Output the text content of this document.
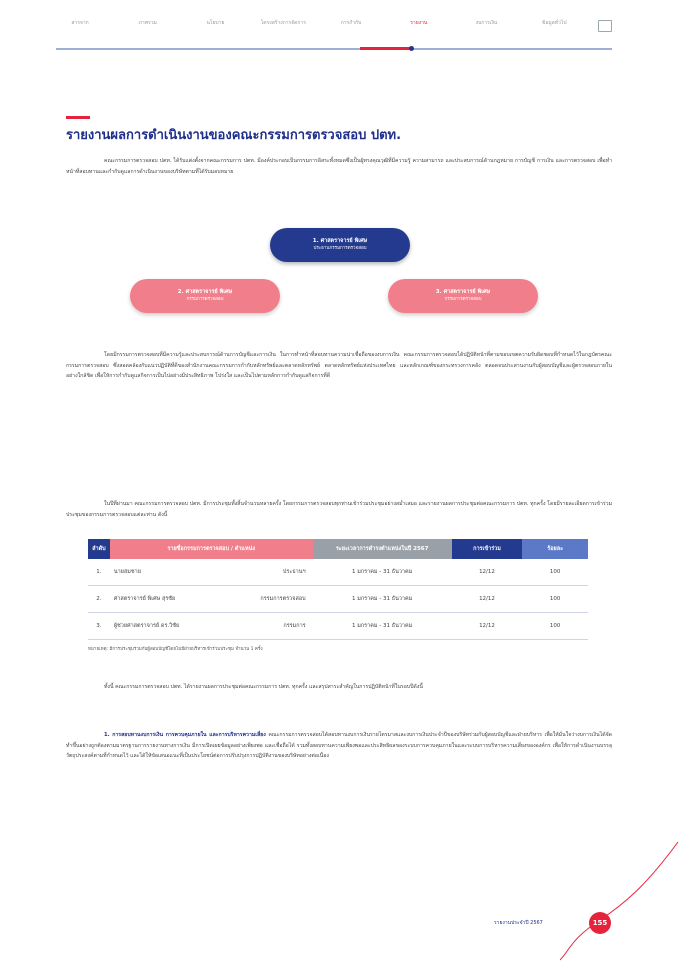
สารจาก	ภาพรวม	นโยบาย	โครงสร้างการจัดการ	การกำกับ	รายงาน	งบการเงิน	ข้อมูลทั่วไป
รายงานผลการดำเนินงานของคณะกรรมการตรวจสอบ ปตท.

คณะกรรมการตรวจสอบ ปตท. ได้รับแต่งตั้งจากคณะกรรมการ ปตท. มีองค์ประกอบเป็นกรรมการอิสระทั้งหมดซึ่งเป็นผู้ทรงคุณวุฒิที่มีความรู้ ความสามารถ และประสบการณ์ด้านกฎหมาย การบัญชี การเงิน และการตรวจสอบ เพื่อทำหน้าที่สอบทานและกำกับดูแลการดำเนินงานของบริษัทตามที่ได้รับมอบหมาย

1. ศาสตราจารย์ พิเศษ
ประธานกรรมการตรวจสอบ
2. ศาสตราจารย์ พิเศษ
กรรมการตรวจสอบ
3. ศาสตราจารย์ พิเศษ
กรรมการตรวจสอบ

โดยมีกรรมการตรวจสอบที่มีความรู้และประสบการณ์ด้านการบัญชีและการเงิน ในการทำหน้าที่สอบทานความน่าเชื่อถือของงบการเงิน คณะกรรมการตรวจสอบได้ปฏิบัติหน้าที่ตามขอบเขตความรับผิดชอบที่กำหนดไว้ในกฎบัตรคณะกรรมการตรวจสอบ ซึ่งสอดคล้องกับแนวปฏิบัติที่ดีของสำนักงานคณะกรรมการกำกับหลักทรัพย์และตลาดหลักทรัพย์ ตลาดหลักทรัพย์แห่งประเทศไทย และหลักเกณฑ์ของกระทรวงการคลัง ตลอดจนประสานงานกับผู้สอบบัญชีและผู้ตรวจสอบภายในอย่างใกล้ชิด เพื่อให้การกำกับดูแลกิจการเป็นไปอย่างมีประสิทธิภาพ โปร่งใส และเป็นไปตามหลักการกำกับดูแลกิจการที่ดี

ในปีที่ผ่านมา คณะกรรมการตรวจสอบ ปตท. มีการประชุมทั้งสิ้นจำนวนหลายครั้ง โดยกรรมการตรวจสอบทุกท่านเข้าร่วมประชุมอย่างสม่ำเสมอ และรายงานผลการประชุมต่อคณะกรรมการ ปตท. ทุกครั้ง โดยมีรายละเอียดการเข้าร่วมประชุมของกรรมการตรวจสอบแต่ละท่าน ดังนี้

ลำดับ	รายชื่อกรรมการตรวจสอบ / ตำแหน่ง	ระยะเวลาการดำรงตำแหน่งในปี 2567	การเข้าร่วม	ร้อยละ
1.	นายสมชาย ประธานฯ	1 มกราคม - 31 ธันวาคม	12/12	100
2.	ศาสตราจารย์ พิเศษ สุรชัย กรรมการตรวจสอบ	1 มกราคม - 31 ธันวาคม	12/12	100
3.	ผู้ช่วยศาสตราจารย์ ดร.วิชัย กรรมการ	1 มกราคม - 31 ธันวาคม	12/12	100
หมายเหตุ: มีการประชุมร่วมกับผู้สอบบัญชีโดยไม่มีฝ่ายบริหารเข้าร่วมประชุม จำนวน 1 ครั้ง

ทั้งนี้ คณะกรรมการตรวจสอบ ปตท. ได้รายงานผลการประชุมต่อคณะกรรมการ ปตท. ทุกครั้ง และสรุปสาระสำคัญในการปฏิบัติหน้าที่ในรอบปีดังนี้

1. การสอบทานงบการเงิน การควบคุมภายใน และการบริหารความเสี่ยง คณะกรรมการตรวจสอบได้สอบทานงบการเงินรายไตรมาสและงบการเงินประจำปีของบริษัทร่วมกับผู้สอบบัญชีและฝ่ายบริหาร เพื่อให้มั่นใจว่างบการเงินได้จัดทำขึ้นอย่างถูกต้องตามมาตรฐานการรายงานทางการเงิน มีการเปิดเผยข้อมูลอย่างเพียงพอ และเชื่อถือได้ รวมทั้งสอบทานความเพียงพอและประสิทธิผลของระบบการควบคุมภายในและระบบการบริหารความเสี่ยงขององค์กร เพื่อให้การดำเนินงานบรรลุวัตถุประสงค์ตามที่กำหนดไว้ และได้ให้ข้อเสนอแนะที่เป็นประโยชน์ต่อการปรับปรุงการปฏิบัติงานของบริษัทอย่างต่อเนื่อง

รายงานประจำปี 2567	155
